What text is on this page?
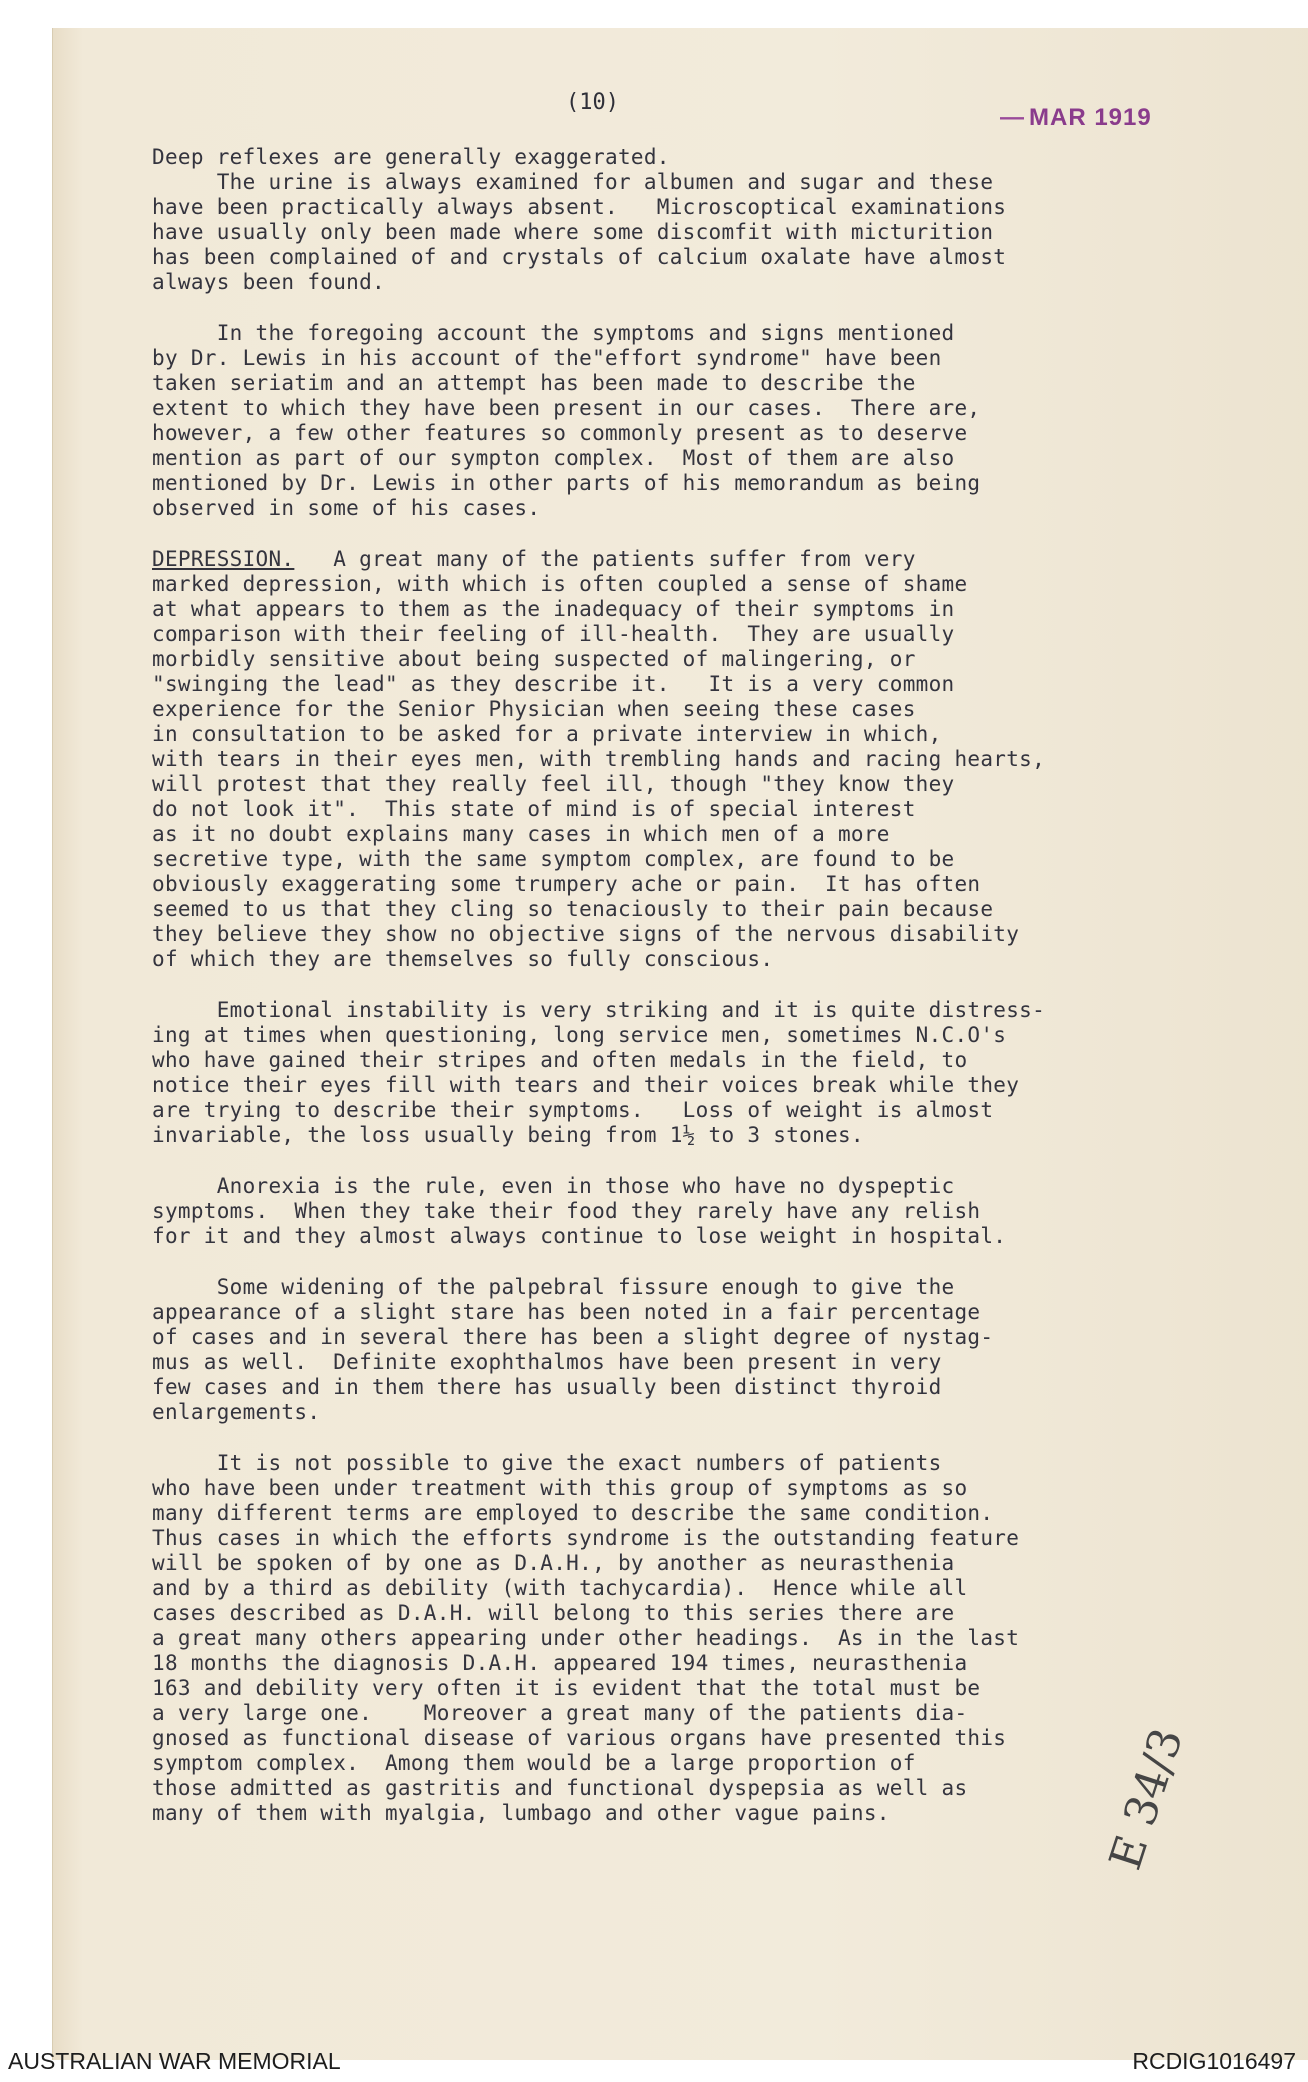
(10)
— MAR 1919
Deep reflexes are generally exaggerated.
The urine is always examined for albumen and sugar and these
have been practically always absent.   Microscoptical examinations
have usually only been made where some discomfit with micturition
has been complained of and crystals of calcium oxalate have almost
always been found.
In the foregoing account the symptoms and signs mentioned
by Dr. Lewis in his account of the"effort syndrome" have been
taken seriatim and an attempt has been made to describe the
extent to which they have been present in our cases.  There are,
however, a few other features so commonly present as to deserve
mention as part of our sympton complex.  Most of them are also
mentioned by Dr. Lewis in other parts of his memorandum as being
observed in some of his cases.
DEPRESSION.   A great many of the patients suffer from very
marked depression, with which is often coupled a sense of shame
at what appears to them as the inadequacy of their symptoms in
comparison with their feeling of ill-health.  They are usually
morbidly sensitive about being suspected of malingering, or
"swinging the lead" as they describe it.   It is a very common
experience for the Senior Physician when seeing these cases
in consultation to be asked for a private interview in which,
with tears in their eyes men, with trembling hands and racing hearts,
will protest that they really feel ill, though "they know they
do not look it".  This state of mind is of special interest
as it no doubt explains many cases in which men of a more
secretive type, with the same symptom complex, are found to be
obviously exaggerating some trumpery ache or pain.  It has often
seemed to us that they cling so tenaciously to their pain because
they believe they show no objective signs of the nervous disability
of which they are themselves so fully conscious.
Emotional instability is very striking and it is quite distress-
ing at times when questioning, long service men, sometimes N.C.O's
who have gained their stripes and often medals in the field, to
notice their eyes fill with tears and their voices break while they
are trying to describe their symptoms.   Loss of weight is almost
invariable, the loss usually being from 1½ to 3 stones.
Anorexia is the rule, even in those who have no dyspeptic
symptoms.  When they take their food they rarely have any relish
for it and they almost always continue to lose weight in hospital.
Some widening of the palpebral fissure enough to give the
appearance of a slight stare has been noted in a fair percentage
of cases and in several there has been a slight degree of nystag-
mus as well.  Definite exophthalmos have been present in very
few cases and in them there has usually been distinct thyroid
enlargements.
It is not possible to give the exact numbers of patients
who have been under treatment with this group of symptoms as so
many different terms are employed to describe the same condition.
Thus cases in which the efforts syndrome is the outstanding feature
will be spoken of by one as D.A.H., by another as neurasthenia
and by a third as debility (with tachycardia).  Hence while all
cases described as D.A.H. will belong to this series there are
a great many others appearing under other headings.  As in the last
18 months the diagnosis D.A.H. appeared 194 times, neurasthenia
163 and debility very often it is evident that the total must be
a very large one.    Moreover a great many of the patients dia-
gnosed as functional disease of various organs have presented this
symptom complex.  Among them would be a large proportion of
those admitted as gastritis and functional dyspepsia as well as
many of them with myalgia, lumbago and other vague pains.	E 34/3
AUSTRALIAN WAR MEMORIAL	RCDIG1016497
